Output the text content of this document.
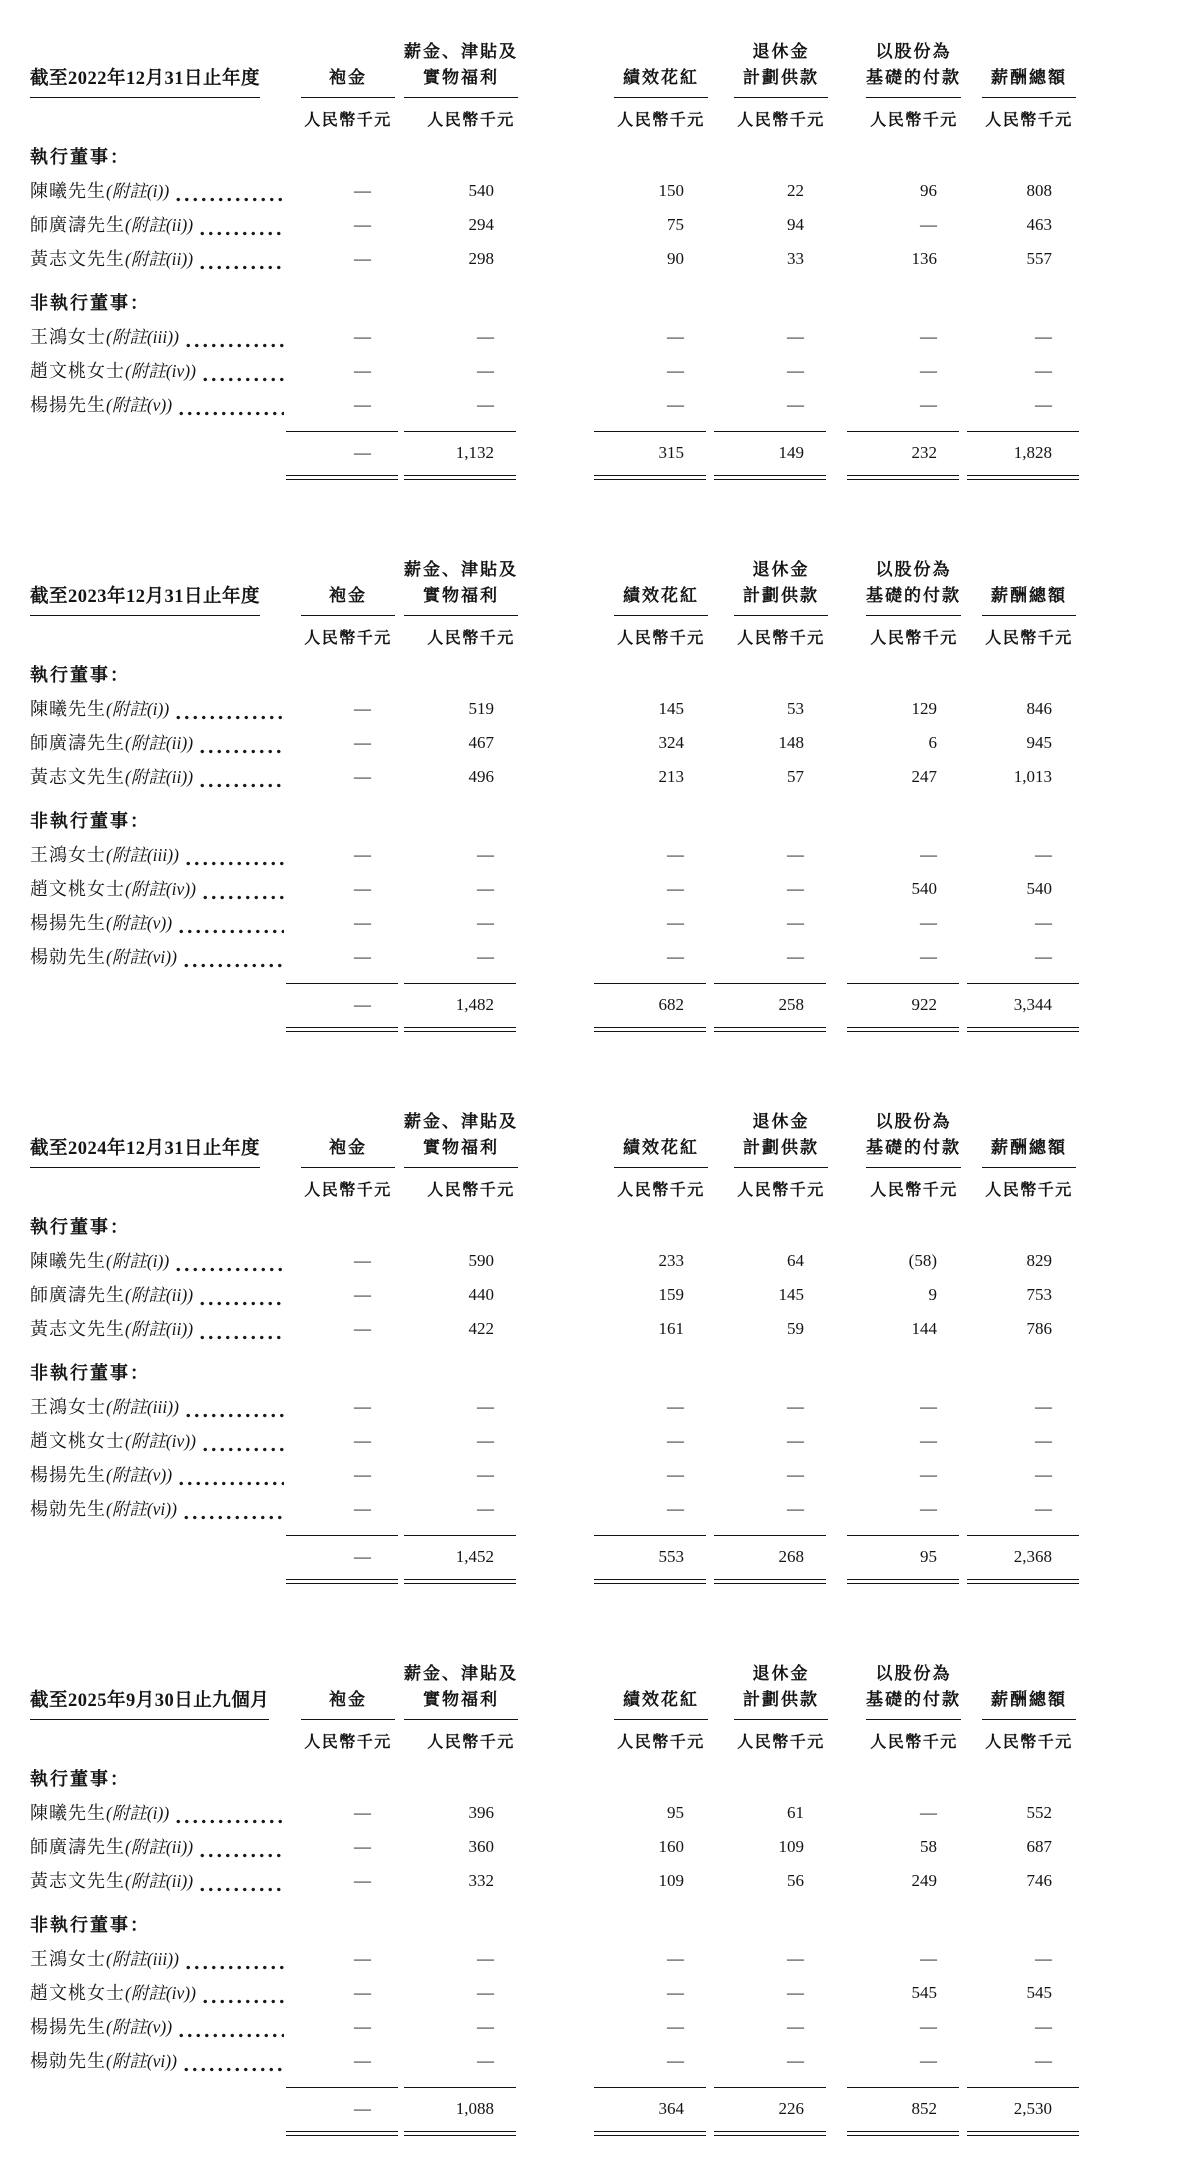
截至2022年12月31日止年度	袍金
薪金、津貼及
實物福利	績效花紅
退休金
計劃供款
以股份為
基礎的付款	薪酬總額
人民幣千元	人民幣千元	人民幣千元	人民幣千元	人民幣千元	人民幣千元
執行董事：
陳曦先生 (附註(i))	—	540	150	22	96	808
師廣濤先生 (附註(ii))	—	294	75	94	—	463
黃志文先生 (附註(ii))	—	298	90	33	136	557
非執行董事：
王鴻女士 (附註(iii))	—	—	—	—	—	—
趙文桃女士 (附註(iv))	—	—	—	—	—	—
楊揚先生 (附註(v))	—	—	—	—	—	—
—	1,132	315	149	232	1,828
截至2023年12月31日止年度	袍金
薪金、津貼及
實物福利	績效花紅
退休金
計劃供款
以股份為
基礎的付款	薪酬總額
人民幣千元	人民幣千元	人民幣千元	人民幣千元	人民幣千元	人民幣千元
執行董事：
陳曦先生 (附註(i))	—	519	145	53	129	846
師廣濤先生 (附註(ii))	—	467	324	148	6	945
黃志文先生 (附註(ii))	—	496	213	57	247	1,013
非執行董事：
王鴻女士 (附註(iii))	—	—	—	—	—	—
趙文桃女士 (附註(iv))	—	—	—	—	540	540
楊揚先生 (附註(v))	—	—	—	—	—	—
楊勍先生 (附註(vi))	—	—	—	—	—	—
—	1,482	682	258	922	3,344
截至2024年12月31日止年度	袍金
薪金、津貼及
實物福利	績效花紅
退休金
計劃供款
以股份為
基礎的付款	薪酬總額
人民幣千元	人民幣千元	人民幣千元	人民幣千元	人民幣千元	人民幣千元
執行董事：
陳曦先生 (附註(i))	—	590	233	64	(58)	829
師廣濤先生 (附註(ii))	—	440	159	145	9	753
黃志文先生 (附註(ii))	—	422	161	59	144	786
非執行董事：
王鴻女士 (附註(iii))	—	—	—	—	—	—
趙文桃女士 (附註(iv))	—	—	—	—	—	—
楊揚先生 (附註(v))	—	—	—	—	—	—
楊勍先生 (附註(vi))	—	—	—	—	—	—
—	1,452	553	268	95	2,368
截至2025年9月30日止九個月	袍金
薪金、津貼及
實物福利	績效花紅
退休金
計劃供款
以股份為
基礎的付款	薪酬總額
人民幣千元	人民幣千元	人民幣千元	人民幣千元	人民幣千元	人民幣千元
執行董事：
陳曦先生 (附註(i))	—	396	95	61	—	552
師廣濤先生 (附註(ii))	—	360	160	109	58	687
黃志文先生 (附註(ii))	—	332	109	56	249	746
非執行董事：
王鴻女士 (附註(iii))	—	—	—	—	—	—
趙文桃女士 (附註(iv))	—	—	—	—	545	545
楊揚先生 (附註(v))	—	—	—	—	—	—
楊勍先生 (附註(vi))	—	—	—	—	—	—
—	1,088	364	226	852	2,530
